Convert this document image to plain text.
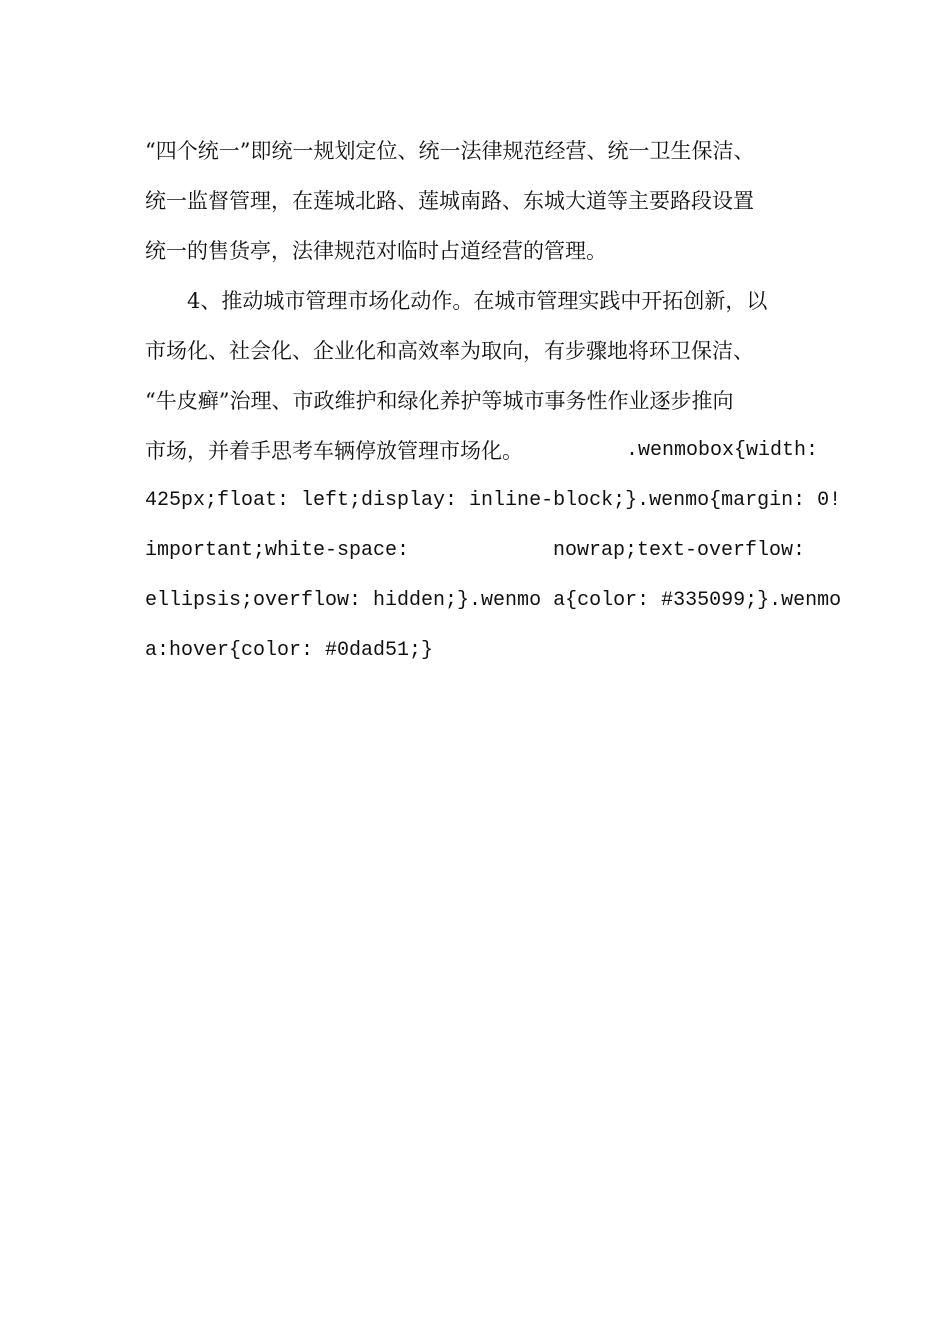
“四个统一”即统一规划定位、统一法律规范经营、统一卫生保洁、
统一监督管理，在莲城北路、莲城南路、东城大道等主要路段设置
统一的售货亭，法律规范对临时占道经营的管理。
4、推动城市管理市场化动作。在城市管理实践中开拓创新，以
市场化、社会化、企业化和高效率为取向，有步骤地将环卫保洁、
“牛皮癣”治理、市政维护和绿化养护等城市事务性作业逐步推向
市场，并着手思考车辆停放管理市场化。	.wenmobox{width:
425px;float: left;display: inline-block;}.wenmo{margin: 0!
important;white-space:	nowrap;text-overflow:
ellipsis;overflow: hidden;}.wenmo a{color: #335099;}.wenmo
a:hover{color: #0dad51;}
